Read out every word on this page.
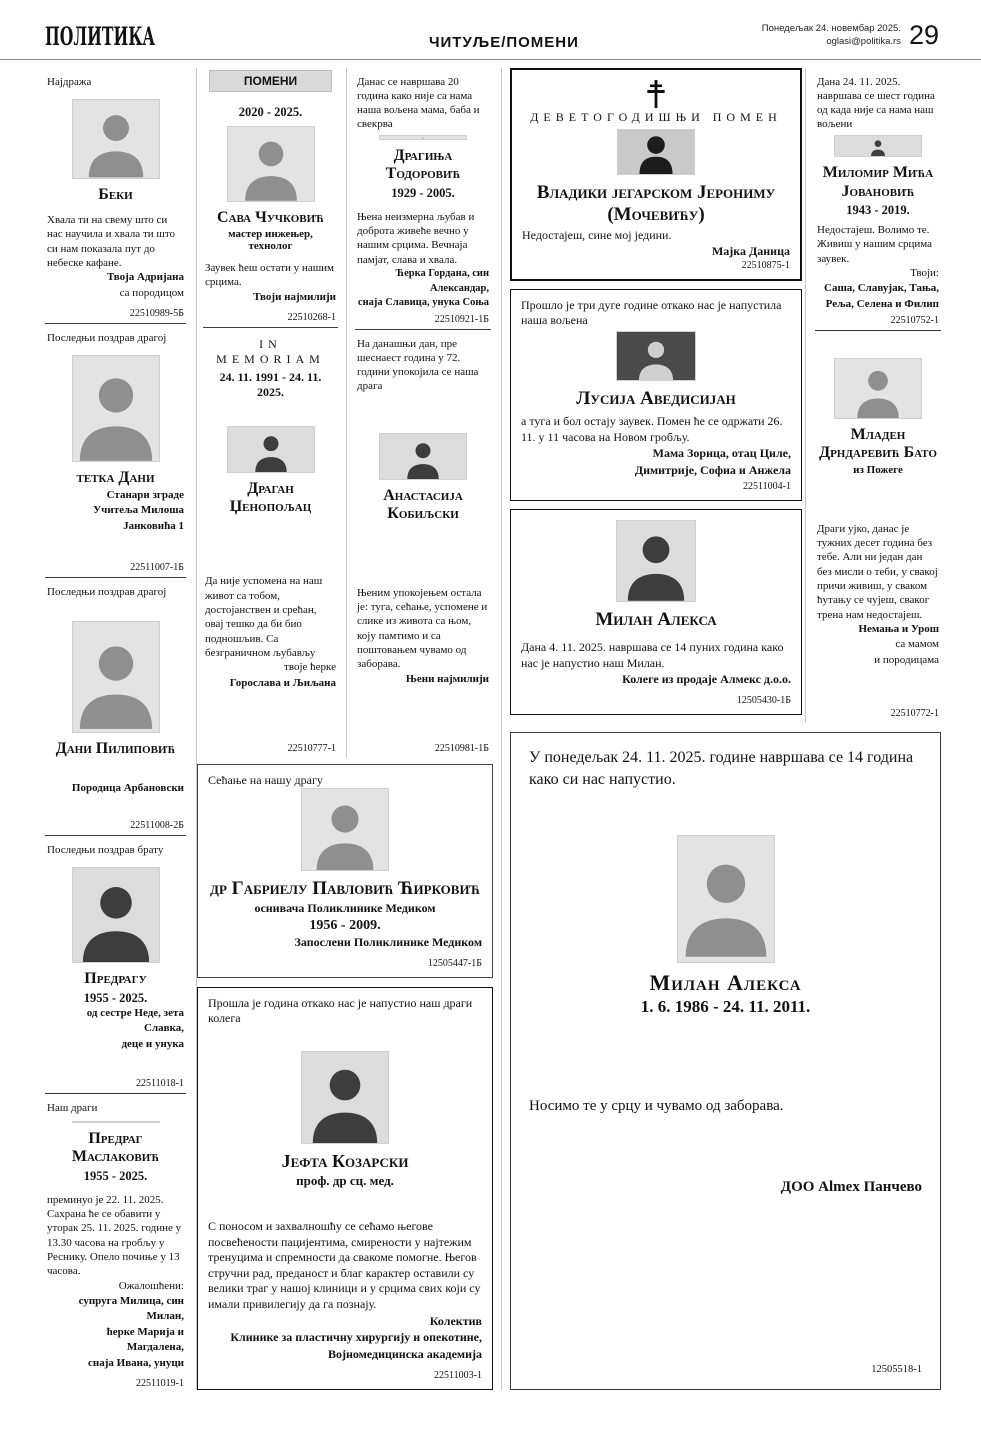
ПОЛИТИКА	ЧИТУЉЕ/ПОМЕНИ
Понедељак 24. новембар 2025.
oglasi@politika.rs 29
Најдража
Беки
Хвала ти на свему што си нас научила и хвала ти што си нам показала пут до небеске кафане.
Твоја Адријана
са породицом
22510989-5Б
Последњи поздрав драгој
тетка Дани
Станари зграде
Учитеља Милоша Јанковића 1
22511007-1Б
Последњи поздрав драгој
Дани Пилиповић
Породица Арбановски
22511008-2Б
Последњи поздрав брату
Предрагу
1955 - 2025.
од сестре Неде, зета Славка,
деце и унука
22511018-1
Наш драги
Предраг Маслаковић
1955 - 2025.
преминуо је 22. 11. 2025. Сахрана ће се обавити у уторак 25. 11. 2025. године у 13.30 часова на гробљу у Реснику. Опело почиње у 13 часова.
Ожалошћени:
супруга Милица, син Милан,
ћерке Марија и Магдалена,
снаја Ивана, унуци
22511019-1
ПОМЕНИ
2020 - 2025.
Сава Чучковић
мастер инжењер, технолог
Заувек ћеш остати у нашим срцима.
Твоји најмилији
22510268-1
IN MEMORIAM
24. 11. 1991 - 24. 11. 2025.
Драган Џенопољац
Да није успомена на наш живот са тобом, достојанствен и срећан, овај тешко да би био подношљив. Са безграничном љубављу
твоје ћерке
Горослава и Љиљана
22510777-1
Данас се навршава 20 година како није са нама наша вољена мама, баба и свекрва
Драгиња Тодоровић
1929 - 2005.
Њена неизмерна љубав и доброта живеће вечно у нашим срцима. Вечнаја памјат, слава и хвала.
Ћерка Гордана, син Александар,
снаја Славица, унука Соња
22510921-1Б
На данашњи дан, пре шеснаест година у 72. години упокојила се наша драга
Анастасија Кобиљски
Њеним упокојењем остала је: туга, сећање, успомене и слике из живота са њом, коју памтимо и са поштовањем чувамо од заборава.
Њени најмилији
22510981-1Б
Сећање на нашу драгу
др Габриелу Павловић Ћирковић
оснивача Поликлинике Медиком
1956 - 2009.
Запослени Поликлинике Медиком
12505447-1Б
Прошла је година откако нас је напустио наш драги колега
Јефта Козарски
проф. др сц. мед.
С поносом и захвалношћу се сећамо његове посвећености пацијентима, смирености у најтежим тренуцима и спремности да свакоме помогне. Његов стручни рад, преданост и благ карактер оставили су велики траг у нашој клиници и у срцима свих који су имали привилегију да га познају.
Колектив
Клинике за пластичну хирургију и опекотине,
Војномедицинска академија
22511003-1
ДЕВЕТОГОДИШЊИ ПОМЕН
Владики јегарском Јерониму
(Мочевићу)
Недостајеш, сине мој једини.
Мајка Даница
22510875-1
Прошло је три дуге године откако нас је напустила наша вољена
Лусија Аведисијан
а туга и бол остају заувек. Помен ће се одржати 26. 11. у 11 часова на Новом гробљу.
Мама Зорица, отац Циле,
Димитрије, Софиа и Анжела
22511004-1
Милан Алекса
Дана 4. 11. 2025. навршава се 14 пуних година како нас је напустио наш Милан.
Колеге из продаје Алмекс д.о.о.
12505430-1Б
Дана 24. 11. 2025. навршава се шест година од када није са нама наш вољени
Миломир Мића Јовановић
1943 - 2019.
Недостајеш. Волимо те. Живиш у нашим срцима заувек.
Твоји:
Саша, Славујак, Тања,
Реља, Селена и Филип
22510752-1
Младен Дрндаревић Бато
из Пожеге
Драги ујко, данас је тужних десет година без тебе. Али ни један дан без мисли о теби, у свакој причи живиш, у сваком ћутању се чујеш, сваког трена нам недостајеш.
Немања и Урош
са мамом
и породицама
22510772-1
У понедељак 24. 11. 2025. године навршава се 14 година како си нас напустио.
Милан Алекса
1. 6. 1986 - 24. 11. 2011.
Носимо те у срцу и чувамо од заборава.
ДОО Almex Панчево
12505518-1
